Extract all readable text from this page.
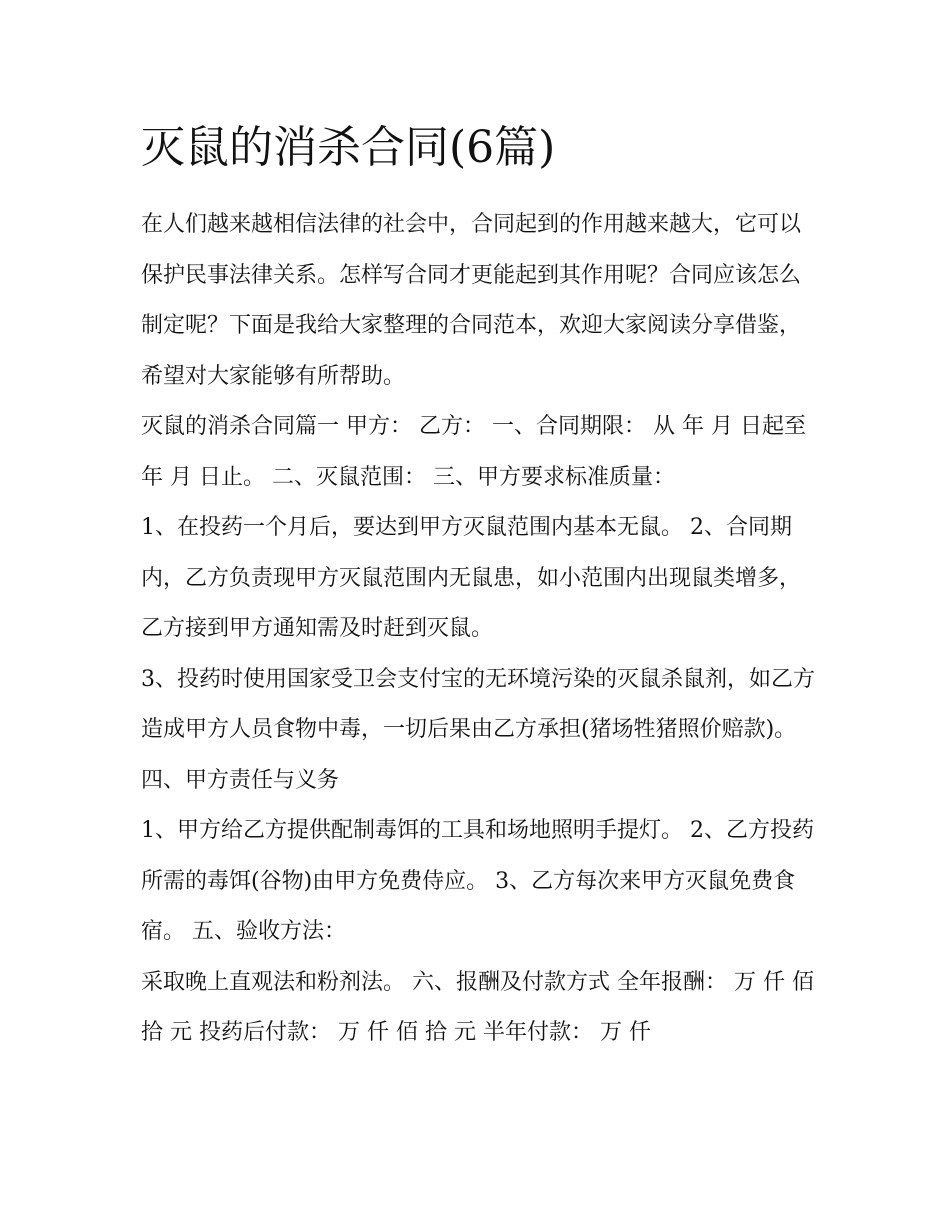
灭鼠的消杀合同(6篇)

在人们越来越相信法律的社会中，合同起到的作用越来越大，它可以保护民事法律关系。怎样写合同才更能起到其作用呢？合同应该怎么制定呢？下面是我给大家整理的合同范本，欢迎大家阅读分享借鉴，希望对大家能够有所帮助。

灭鼠的消杀合同篇一 甲方： 乙方： 一、合同期限： 从 年 月 日起至 年 月 日止。 二、灭鼠范围： 三、甲方要求标准质量：

1、在投药一个月后，要达到甲方灭鼠范围内基本无鼠。 2、合同期内，乙方负责现甲方灭鼠范围内无鼠患，如小范围内出现鼠类增多，乙方接到甲方通知需及时赶到灭鼠。

3、投药时使用国家受卫会支付宝的无环境污染的灭鼠杀鼠剂，如乙方造成甲方人员食物中毒，一切后果由乙方承担(猪场牲猪照价赔款)。 四、甲方责任与义务

1、甲方给乙方提供配制毒饵的工具和场地照明手提灯。 2、乙方投药所需的毒饵(谷物)由甲方免费侍应。 3、乙方每次来甲方灭鼠免费食宿。 五、验收方法：

采取晚上直观法和粉剂法。 六、报酬及付款方式 全年报酬： 万 仟 佰 拾 元 投药后付款： 万 仟 佰 拾 元 半年付款： 万 仟
